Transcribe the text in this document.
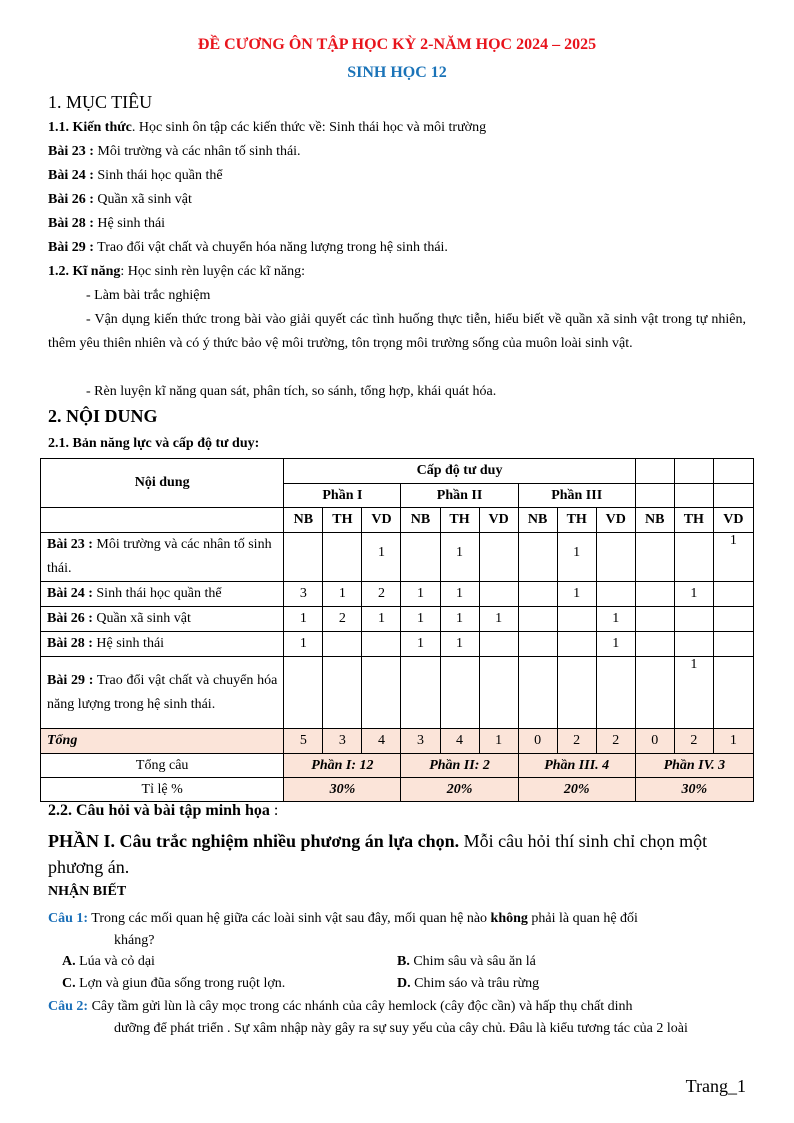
ĐỀ CƯƠNG ÔN TẬP HỌC KỲ 2-NĂM HỌC 2024 – 2025
SINH HỌC 12
1. MỤC TIÊU
1.1. Kiến thức. Học sinh ôn tập các kiến thức về: Sinh thái học và môi trường
Bài 23 : Môi trường và các nhân tố sinh thái.
Bài 24 : Sinh thái học quần thể
Bài 26 : Quần xã sinh vật
Bài 28 : Hệ sinh thái
Bài 29 : Trao đổi vật chất và chuyển hóa năng lượng trong hệ sinh thái.
1.2. Kĩ năng: Học sinh rèn luyện các kĩ năng:
- Làm bài trắc nghiệm
- Vận dụng kiến thức trong bài vào giải quyết các tình huống thực tiễn, hiểu biết về quần xã sinh vật trong tự nhiên, thêm yêu thiên nhiên và có ý thức bảo vệ môi trường, tôn trọng môi trường sống của muôn loài sinh vật.
- Rèn luyện kĩ năng quan sát, phân tích, so sánh, tổng hợp, khái quát hóa.
2. NỘI DUNG
2.1. Bản năng lực và cấp độ tư duy:
Nội dung	Cấp độ tư duy											
	Phần I			Phần II			Phần III					
	NB	TH	VD	NB	TH	VD	NB	TH	VD	NB	TH	VD
Bài 23 : Môi trường và các nhân tố sinh thái.			1		1			1				1
Bài 24 : Sinh thái học quần thể	3	1	2	1	1			1			1	
Bài 26 : Quần xã sinh vật	1	2	1	1	1	1			1			
Bài 28 : Hệ sinh thái	1			1	1				1			
Bài 29 : Trao đổi vật chất và chuyển hóa năng lượng trong hệ sinh thái.											1	
Tổng	5	3	4	3	4	1	0	2	2	0	2	1
Tổng câu	Phần I: 12			Phần II: 2			Phần III. 4			Phần IV. 3		
Tỉ lệ %	30%			20%			20%			30%		
2.2. Câu hỏi và bài tập minh họa :
PHẦN I. Câu trắc nghiệm nhiều phương án lựa chọn. Mỗi câu hỏi thí sinh chỉ chọn một phương án.
NHẬN BIẾT
Câu 1: Trong các mối quan hệ giữa các loài sinh vật sau đây, mối quan hệ nào không phải là quan hệ đối
kháng?
A. Lúa và cỏ dại	B. Chim sâu và sâu ăn lá
C. Lợn và giun đũa sống trong ruột lợn.	D. Chim sáo và trâu rừng
Câu 2: Cây tầm gửi lùn là cây mọc trong các nhánh của cây hemlock (cây độc cần) và hấp thụ chất dinh
dưỡng để phát triển . Sự xâm nhập này gây ra sự suy yếu của cây chủ. Đâu là kiểu tương tác của 2 loài
Trang_1
